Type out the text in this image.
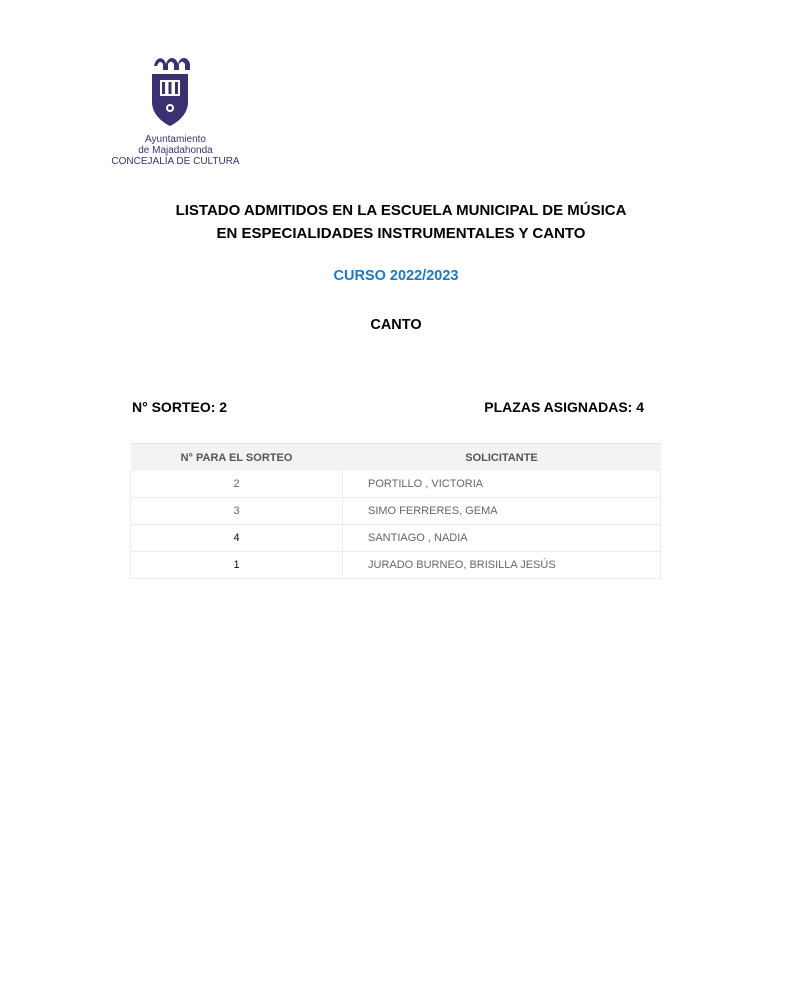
Ayuntamiento
de Majadahonda
CONCEJALÍA DE CULTURA
LISTADO ADMITIDOS EN LA ESCUELA MUNICIPAL DE MÚSICA
EN ESPECIALIDADES INSTRUMENTALES Y CANTO
CURSO 2022/2023
CANTO
N° SORTEO: 2	PLAZAS ASIGNADAS: 4
N° PARA EL SORTEO	SOLICITANTE
2	PORTILLO , VICTORIA
3	SIMO FERRERES, GEMA
4	SANTIAGO , NADIA
1	JURADO BURNEO, BRISILLA JESÚS
